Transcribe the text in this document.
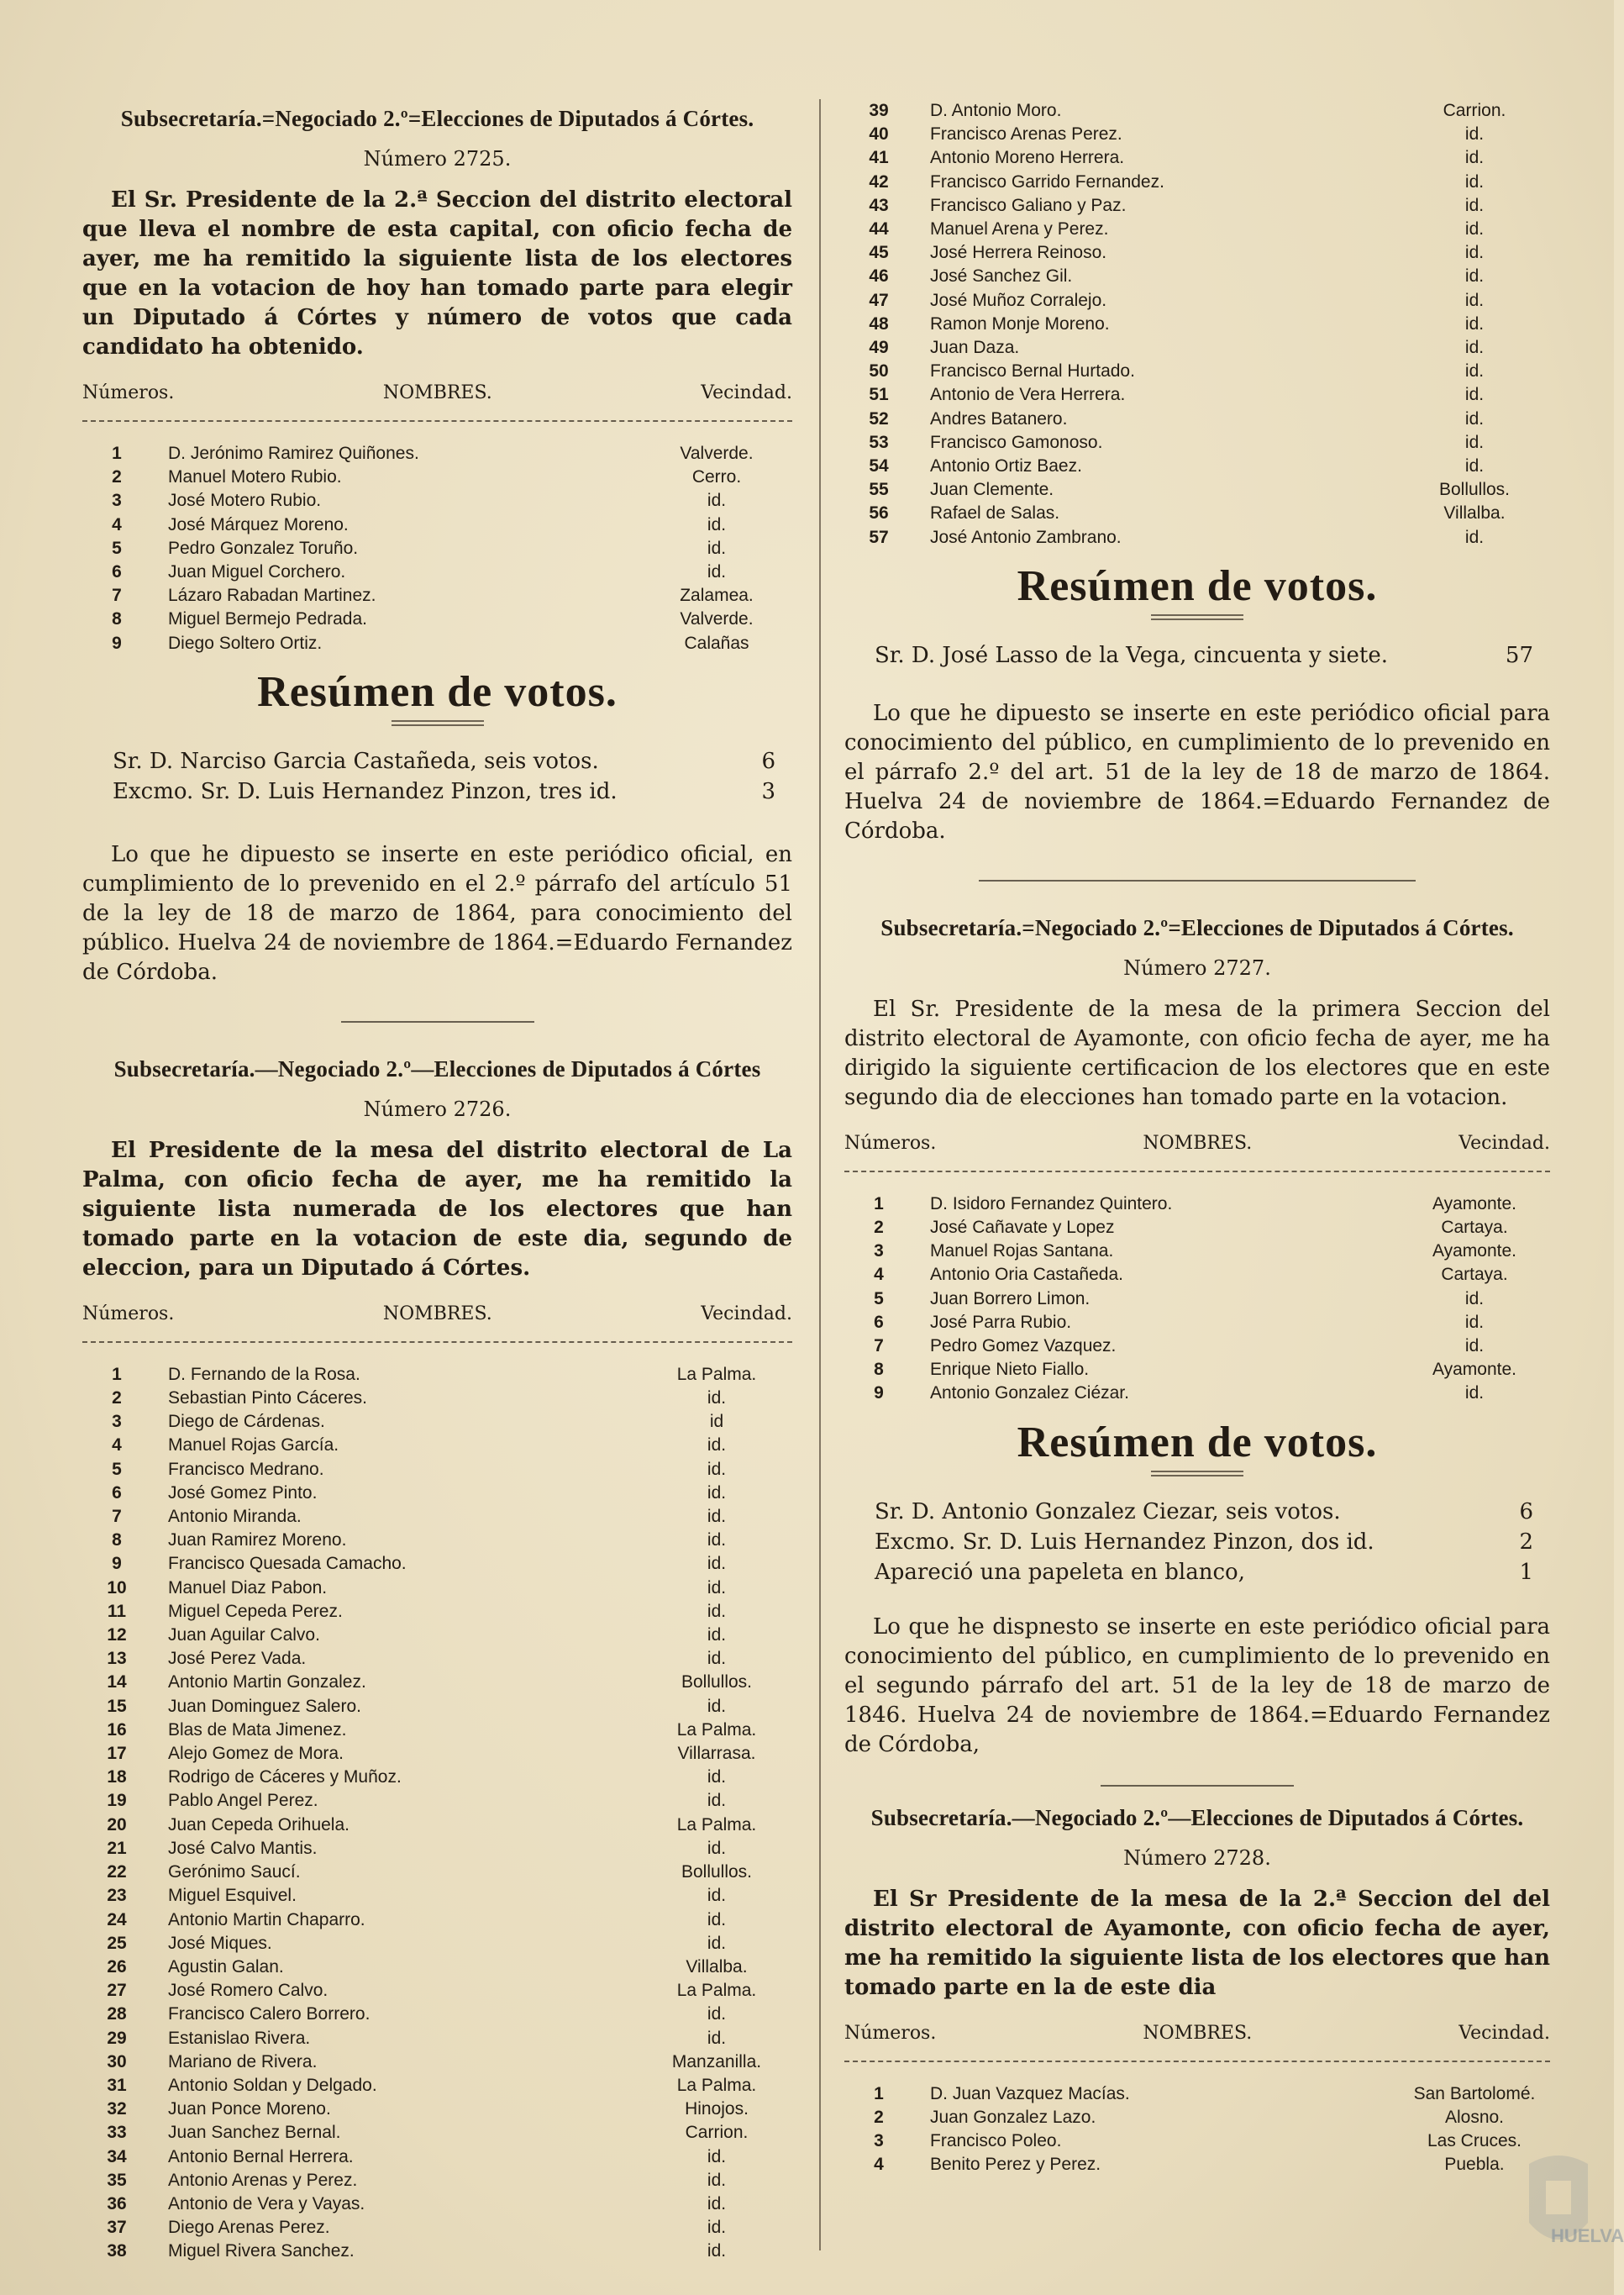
Subsecretaría.=Negociado 2.º=Elecciones de Diputados á Córtes.
Número 2725.

El Sr. Presidente de la 2.ª Seccion del distrito electoral que lleva el nombre de esta capital, con oficio fecha de ayer, me ha remitido la siguiente lista de los electores que en la votacion de hoy han tomado parte para elegir un Diputado á Córtes y número de votos que cada candidato ha obtenido.

Números.	NOMBRES.	Vecindad.
1	D. Jerónimo Ramirez Quiñones.	Valverde.
2	Manuel Motero Rubio.	Cerro.
3	José Motero Rubio.	id.
4	José Márquez Moreno.	id.
5	Pedro Gonzalez Toruño.	id.
6	Juan Miguel Corchero.	id.
7	Lázaro Rabadan Martinez.	Zalamea.
8	Miguel Bermejo Pedrada.	Valverde.
9	Diego Soltero Ortiz.	Calañas
Resúmen de votos.
Sr. D. Narciso Garcia Castañeda, seis votos.	6
Excmo. Sr. D. Luis Hernandez Pinzon, tres id.	3

Lo que he dipuesto se inserte en este periódico oficial, en cumplimiento de lo prevenido en el 2.º párrafo del artículo 51 de la ley de 18 de marzo de 1864, para conocimiento del público. Huelva 24 de noviembre de 1864.=Eduardo Fernandez de Córdoba.

Subsecretaría.—Negociado 2.º—Elecciones de Diputados á Córtes
Número 2726.

El Presidente de la mesa del distrito electoral de La Palma, con oficio fecha de ayer, me ha remitido la siguiente lista numerada de los electores que han tomado parte en la votacion de este dia, segundo de eleccion, para un Diputado á Córtes.

Números.	NOMBRES.	Vecindad.
1	D. Fernando de la Rosa.	La Palma.
2	Sebastian Pinto Cáceres.	id.
3	Diego de Cárdenas.	id
4	Manuel Rojas García.	id.
5	Francisco Medrano.	id.
6	José Gomez Pinto.	id.
7	Antonio Miranda.	id.
8	Juan Ramirez Moreno.	id.
9	Francisco Quesada Camacho.	id.
10	Manuel Diaz Pabon.	id.
11	Miguel Cepeda Perez.	id.
12	Juan Aguilar Calvo.	id.
13	José Perez Vada.	id.
14	Antonio Martin Gonzalez.	Bollullos.
15	Juan Dominguez Salero.	id.
16	Blas de Mata Jimenez.	La Palma.
17	Alejo Gomez de Mora.	Villarrasa.
18	Rodrigo de Cáceres y Muñoz.	id.
19	Pablo Angel Perez.	id.
20	Juan Cepeda Orihuela.	La Palma.
21	José Calvo Mantis.	id.
22	Gerónimo Saucí.	Bollullos.
23	Miguel Esquivel.	id.
24	Antonio Martin Chaparro.	id.
25	José Miques.	id.
26	Agustin Galan.	Villalba.
27	José Romero Calvo.	La Palma.
28	Francisco Calero Borrero.	id.
29	Estanislao Rivera.	id.
30	Mariano de Rivera.	Manzanilla.
31	Antonio Soldan y Delgado.	La Palma.
32	Juan Ponce Moreno.	Hinojos.
33	Juan Sanchez Bernal.	Carrion.
34	Antonio Bernal Herrera.	id.
35	Antonio Arenas y Perez.	id.
36	Antonio de Vera y Vayas.	id.
37	Diego Arenas Perez.	id.
38	Miguel Rivera Sanchez.	id.
39	D. Antonio Moro.	Carrion.
40	Francisco Arenas Perez.	id.
41	Antonio Moreno Herrera.	id.
42	Francisco Garrido Fernandez.	id.
43	Francisco Galiano y Paz.	id.
44	Manuel Arena y Perez.	id.
45	José Herrera Reinoso.	id.
46	José Sanchez Gil.	id.
47	José Muñoz Corralejo.	id.
48	Ramon Monje Moreno.	id.
49	Juan Daza.	id.
50	Francisco Bernal Hurtado.	id.
51	Antonio de Vera Herrera.	id.
52	Andres Batanero.	id.
53	Francisco Gamonoso.	id.
54	Antonio Ortiz Baez.	id.
55	Juan Clemente.	Bollullos.
56	Rafael de Salas.	Villalba.
57	José Antonio Zambrano.	id.
Resúmen de votos.
Sr. D. José Lasso de la Vega, cincuenta y siete.	57

Lo que he dipuesto se inserte en este periódico oficial para conocimiento del público, en cumplimiento de lo prevenido en el párrafo 2.º del art. 51 de la ley de 18 de marzo de 1864. Huelva 24 de noviembre de 1864.=Eduardo Fernandez de Córdoba.

Subsecretaría.=Negociado 2.º=Elecciones de Diputados á Córtes.
Número 2727.

El Sr. Presidente de la mesa de la primera Seccion del distrito electoral de Ayamonte, con oficio fecha de ayer, me ha dirigido la siguiente certificacion de los electores que en este segundo dia de elecciones han tomado parte en la votacion.

Números.	NOMBRES.	Vecindad.
1	D. Isidoro Fernandez Quintero.	Ayamonte.
2	José Cañavate y Lopez	Cartaya.
3	Manuel Rojas Santana.	Ayamonte.
4	Antonio Oria Castañeda.	Cartaya.
5	Juan Borrero Limon.	id.
6	José Parra Rubio.	id.
7	Pedro Gomez Vazquez.	id.
8	Enrique Nieto Fiallo.	Ayamonte.
9	Antonio Gonzalez Ciézar.	id.
Resúmen de votos.
Sr. D. Antonio Gonzalez Ciezar, seis votos.	6
Excmo. Sr. D. Luis Hernandez Pinzon, dos id.	2
Apareció una papeleta en blanco,	1

Lo que he dispnesto se inserte en este periódico oficial para conocimiento del público, en cumplimiento de lo prevenido en el segundo párrafo del art. 51 de la ley de 18 de marzo de 1846. Huelva 24 de noviembre de 1864.=Eduardo Fernandez de Córdoba,

Subsecretaría.—Negociado 2.º—Elecciones de Diputados á Córtes.
Número 2728.

El Sr Presidente de la mesa de la 2.ª Seccion del del distrito electoral de Ayamonte, con oficio fecha de ayer, me ha remitido la siguiente lista de los electores que han tomado parte en la de este dia

Números.	NOMBRES.	Vecindad.
1	D. Juan Vazquez Macías.	San Bartolomé.
2	Juan Gonzalez Lazo.	Alosno.
3	Francisco Poleo.	Las Cruces.
4	Benito Perez y Perez.	Puebla.
HUELVA
